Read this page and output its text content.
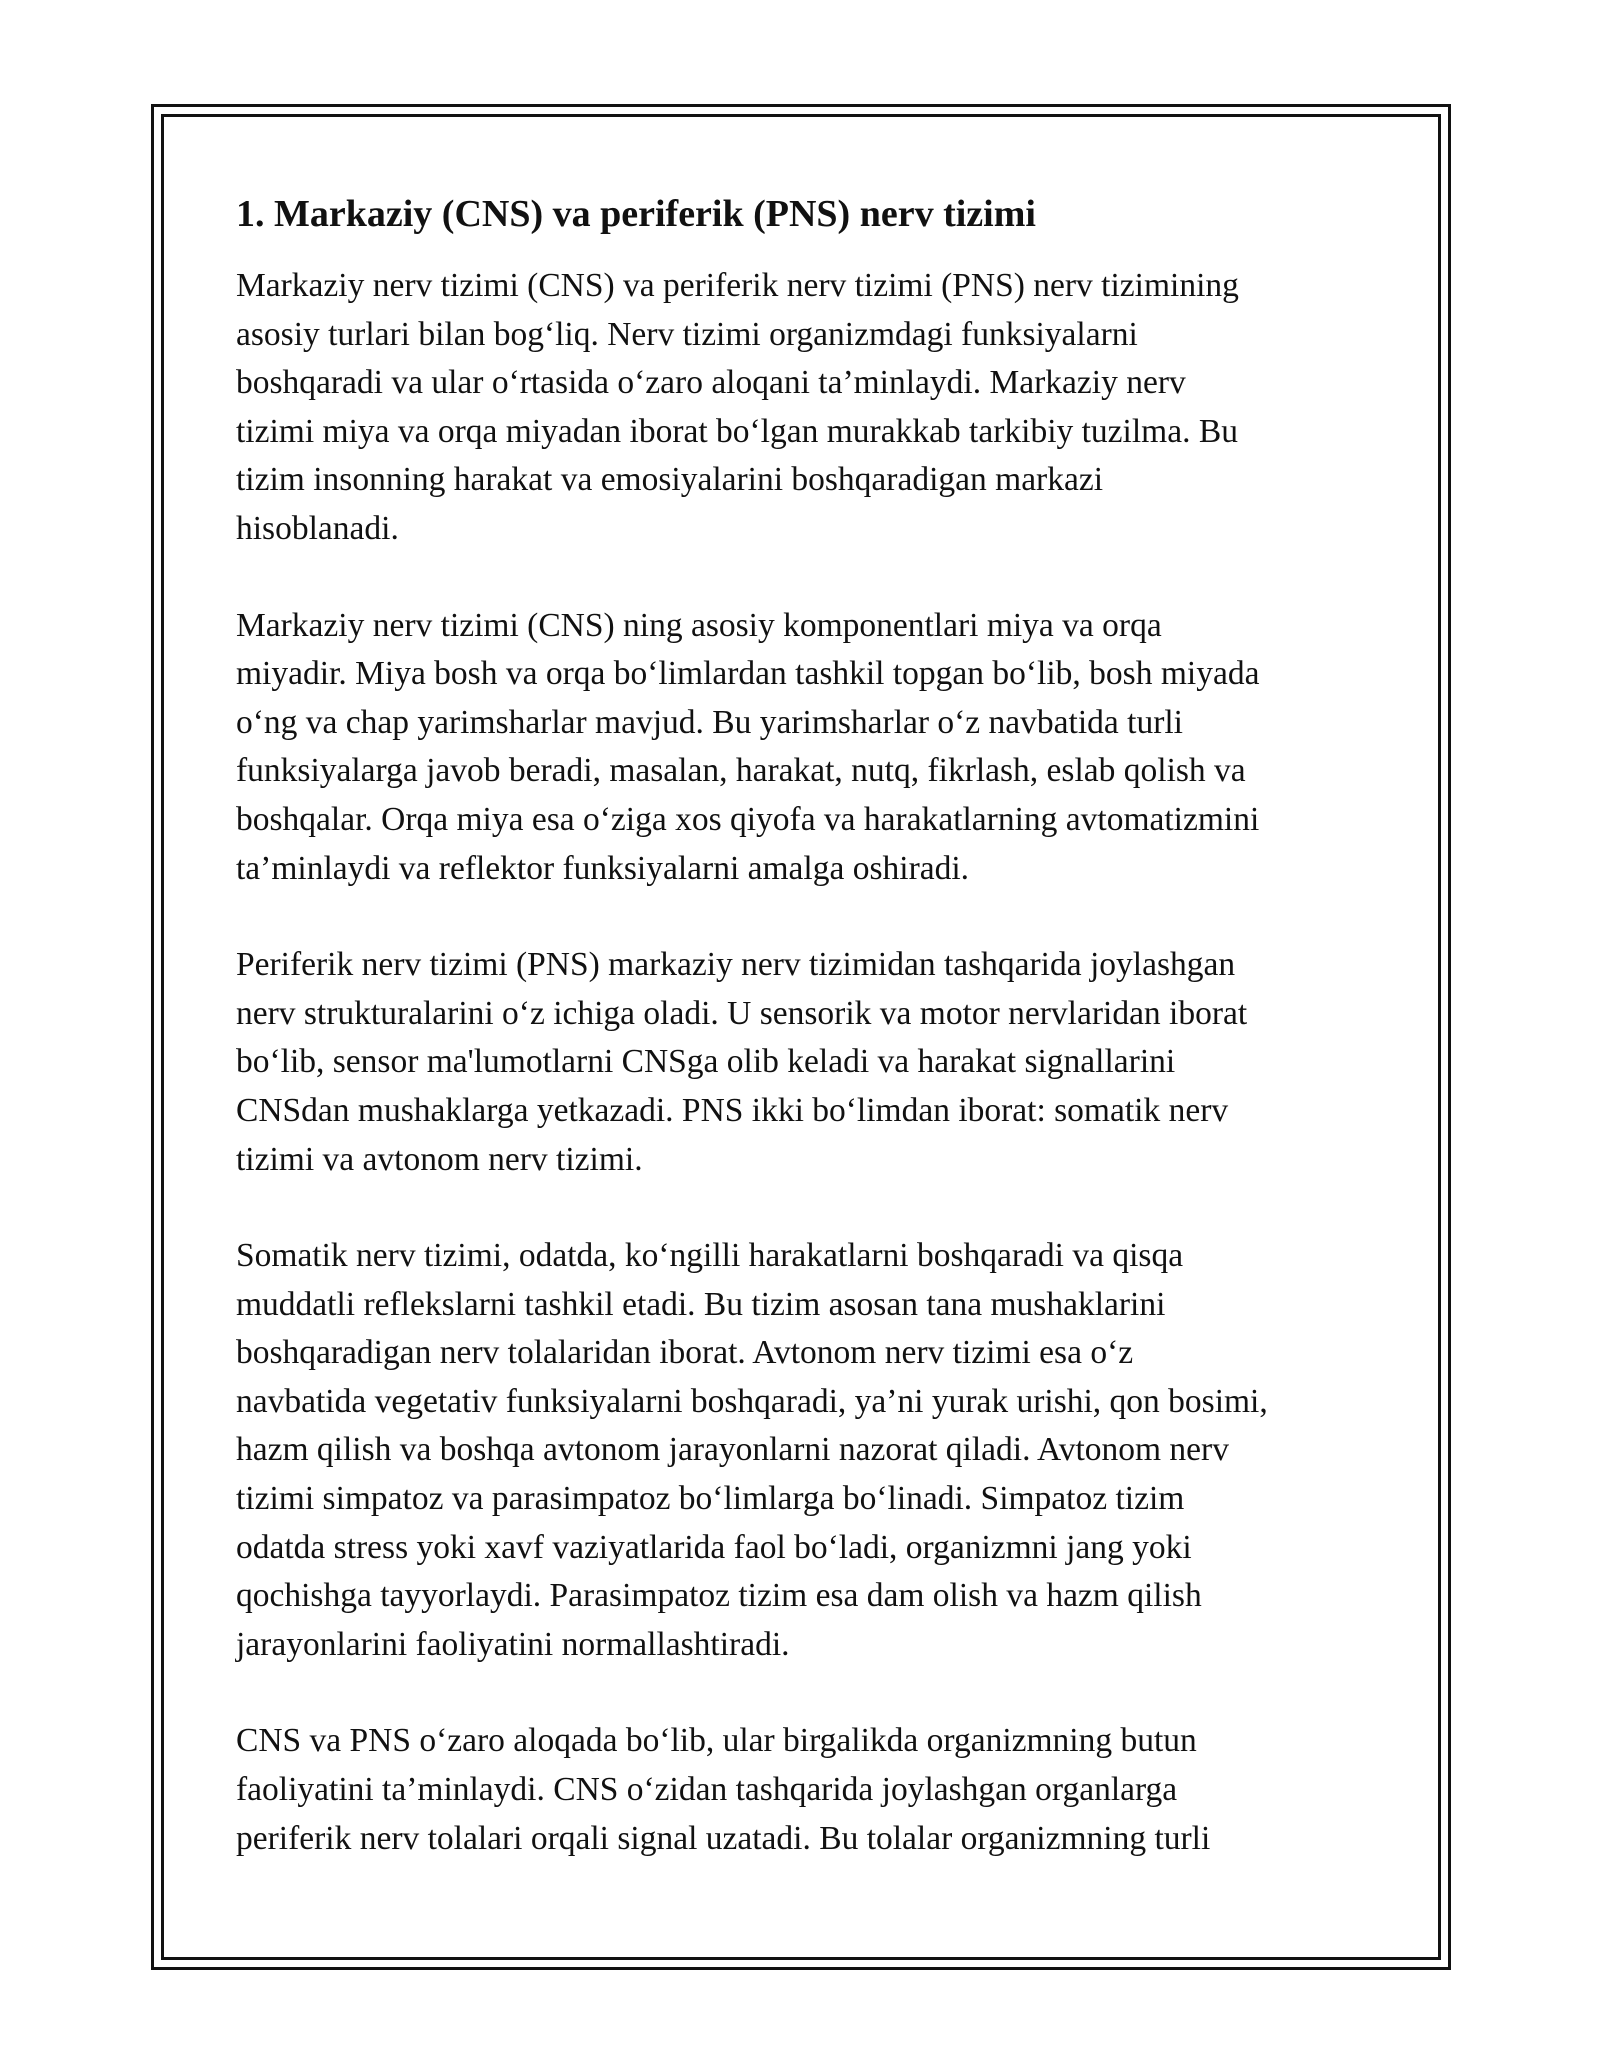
1. Markaziy (CNS) va periferik (PNS) nerv tizimi

Markaziy nerv tizimi (CNS) va periferik nerv tizimi (PNS) nerv tizimining
asosiy turlari bilan bog‘liq. Nerv tizimi organizmdagi funksiyalarni
boshqaradi va ular o‘rtasida o‘zaro aloqani ta’minlaydi. Markaziy nerv
tizimi miya va orqa miyadan iborat bo‘lgan murakkab tarkibiy tuzilma. Bu
tizim insonning harakat va emosiyalarini boshqaradigan markazi
hisoblanadi.

Markaziy nerv tizimi (CNS) ning asosiy komponentlari miya va orqa
miyadir. Miya bosh va orqa bo‘limlardan tashkil topgan bo‘lib, bosh miyada
o‘ng va chap yarimsharlar mavjud. Bu yarimsharlar o‘z navbatida turli
funksiyalarga javob beradi, masalan, harakat, nutq, fikrlash, eslab qolish va
boshqalar. Orqa miya esa o‘ziga xos qiyofa va harakatlarning avtomatizmini
ta’minlaydi va reflektor funksiyalarni amalga oshiradi.

Periferik nerv tizimi (PNS) markaziy nerv tizimidan tashqarida joylashgan
nerv strukturalarini o‘z ichiga oladi. U sensorik va motor nervlaridan iborat
bo‘lib, sensor ma'lumotlarni CNSga olib keladi va harakat signallarini
CNSdan mushaklarga yetkazadi. PNS ikki bo‘limdan iborat: somatik nerv
tizimi va avtonom nerv tizimi.

Somatik nerv tizimi, odatda, ko‘ngilli harakatlarni boshqaradi va qisqa
muddatli reflekslarni tashkil etadi. Bu tizim asosan tana mushaklarini
boshqaradigan nerv tolalaridan iborat. Avtonom nerv tizimi esa o‘z
navbatida vegetativ funksiyalarni boshqaradi, ya’ni yurak urishi, qon bosimi,
hazm qilish va boshqa avtonom jarayonlarni nazorat qiladi. Avtonom nerv
tizimi simpatoz va parasimpatoz bo‘limlarga bo‘linadi. Simpatoz tizim
odatda stress yoki xavf vaziyatlarida faol bo‘ladi, organizmni jang yoki
qochishga tayyorlaydi. Parasimpatoz tizim esa dam olish va hazm qilish
jarayonlarini faoliyatini normallashtiradi.

CNS va PNS o‘zaro aloqada bo‘lib, ular birgalikda organizmning butun
faoliyatini ta’minlaydi. CNS o‘zidan tashqarida joylashgan organlarga
periferik nerv tolalari orqali signal uzatadi. Bu tolalar organizmning turli
